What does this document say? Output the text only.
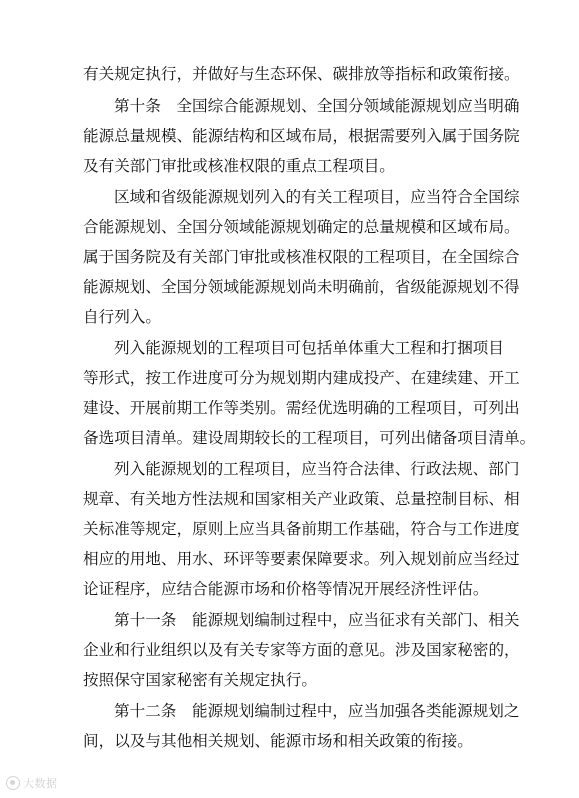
有关规定执行，并做好与生态环保、碳排放等指标和政策衔接。
第十条　全国综合能源规划、全国分领域能源规划应当明确
能源总量规模、能源结构和区域布局，根据需要列入属于国务院
及有关部门审批或核准权限的重点工程项目。
区域和省级能源规划列入的有关工程项目，应当符合全国综
合能源规划、全国分领域能源规划确定的总量规模和区域布局。
属于国务院及有关部门审批或核准权限的工程项目，在全国综合
能源规划、全国分领域能源规划尚未明确前，省级能源规划不得
自行列入。
列入能源规划的工程项目可包括单体重大工程和打捆项目
等形式，按工作进度可分为规划期内建成投产、在建续建、开工
建设、开展前期工作等类别。需经优选明确的工程项目，可列出
备选项目清单。建设周期较长的工程项目，可列出储备项目清单。
列入能源规划的工程项目，应当符合法律、行政法规、部门
规章、有关地方性法规和国家相关产业政策、总量控制目标、相
关标准等规定，原则上应当具备前期工作基础，符合与工作进度
相应的用地、用水、环评等要素保障要求。列入规划前应当经过
论证程序，应结合能源市场和价格等情况开展经济性评估。
第十一条　能源规划编制过程中，应当征求有关部门、相关
企业和行业组织以及有关专家等方面的意见。涉及国家秘密的，
按照保守国家秘密有关规定执行。
第十二条　能源规划编制过程中，应当加强各类能源规划之
间，以及与其他相关规划、能源市场和相关政策的衔接。
大数据
